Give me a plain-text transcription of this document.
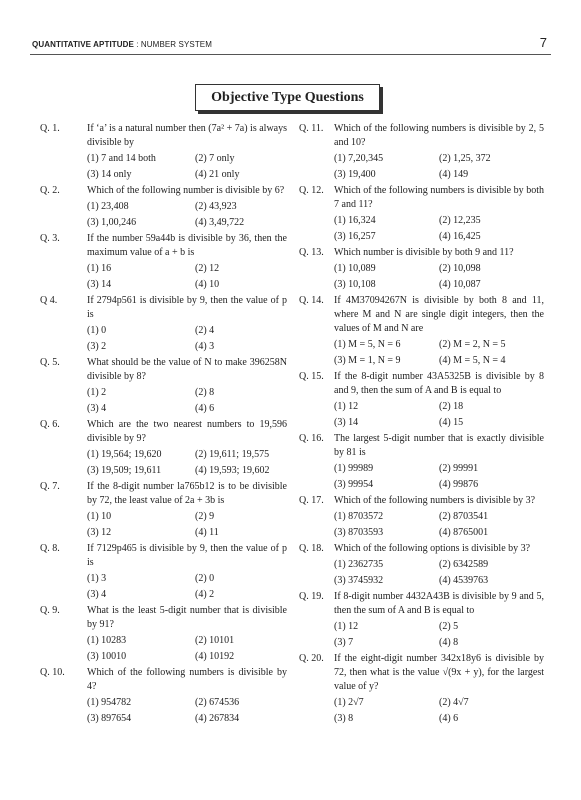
QUANTITATIVE APTITUDE : NUMBER SYSTEM	7
Objective Type Questions
Q. 1.	If ‘a’ is a natural number then (7a² + 7a) is always divisible by
(1) 7 and 14 both	(2) 7 only
(3) 14 only	(4) 21 only
Q. 2.	Which of the following number is divisible by 6?
(1) 23,408	(2) 43,923
(3) 1,00,246	(4) 3,49,722
Q. 3.	If the number 59a44b is divisible by 36, then the maximum value of a + b is
(1) 16	(2) 12
(3) 14	(4) 10
Q 4.	If 2794p561 is divisible by 9, then the value of p is
(1) 0	(2) 4
(3) 2	(4) 3
Q. 5.	What should be the value of N to make 396258N divisible by 8?
(1) 2	(2) 8
(3) 4	(4) 6
Q. 6.	Which are the two nearest numbers to 19,596 divisible by 9?
(1) 19,564; 19,620	(2) 19,611; 19,575
(3) 19,509; 19,611	(4) 19,593; 19,602
Q. 7.	If the 8-digit number la765b12 is to be divisible by 72, the least value of 2a + 3b is
(1) 10	(2) 9
(3) 12	(4) 11
Q. 8.	If 7129p465 is divisible by 9, then the value of p is
(1) 3	(2) 0
(3) 4	(4) 2
Q. 9.	What is the least 5-digit number that is divisible by 91?
(1) 10283	(2) 10101
(3) 10010	(4) 10192
Q. 10. Which of the following numbers is divisible by 4?
(1) 954782	(2) 674536
(3) 897654	(4) 267834
Q. 11. Which of the following numbers is divisible by 2, 5 and 10?
(1) 7,20,345	(2) 1,25, 372
(3) 19,400	(4) 149
Q. 12. Which of the following numbers is divisible by both 7 and 11?
(1) 16,324	(2) 12,235
(3) 16,257	(4) 16,425
Q. 13. Which number is divisible by both 9 and 11?
(1) 10,089	(2) 10,098
(3) 10,108	(4) 10,087
Q. 14. If 4M37094267N is divisible by both 8 and 11, where M and N are single digit integers, then the values of M and N are
(1) M = 5, N = 6	(2) M = 2, N = 5
(3) M = 1, N = 9	(4) M = 5, N = 4
Q. 15. If the 8-digit number 43A5325B is divisible by 8 and 9, then the sum of A and B is equal to
(1) 12	(2) 18
(3) 14	(4) 15
Q. 16. The largest 5-digit number that is exactly divisible by 81 is
(1) 99989	(2) 99991
(3) 99954	(4) 99876
Q. 17. Which of the following numbers is divisible by 3?
(1) 8703572	(2) 8703541
(3) 8703593	(4) 8765001
Q. 18. Which of the following options is divisible by 3?
(1) 2362735	(2) 6342589
(3) 3745932	(4) 4539763
Q. 19. If 8-digit number 4432A43B is divisible by 9 and 5, then the sum of A and B is equal to
(1) 12	(2) 5
(3) 7	(4) 8
Q. 20. If the eight-digit number 342x18y6 is divisible by 72, then what is the value √(9x + y), for the largest value of y?
(1) 2√7	(2) 4√7
(3) 8	(4) 6
